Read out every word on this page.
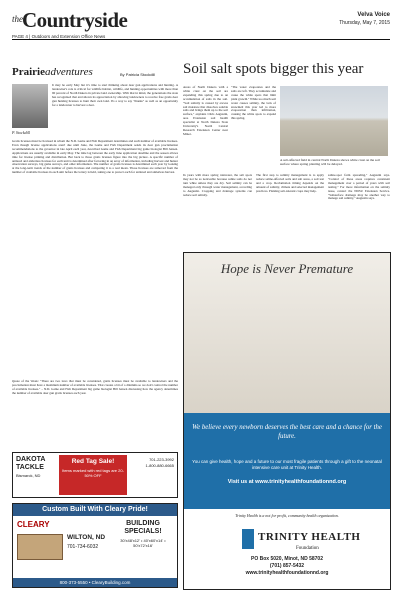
the Countryside	Velva Voice
Thursday, May 7, 2015
PAGE 4 | Outdoors and Extension Office News
Prairieadventures	By Patricia Stockdill
P. Stockdill
It may be early May but it's time to start thinking about deer gun applications and hunting. A landowner's role is critical for wildlife habitat, wildlife, and hunting opportunities with more than 90 percent of North Dakota in private land ownership. With that in mind, the generations the state has recognized that and shown its appreciation by allowing landowners to receive free gratis deer gun hunting licenses to hunt their own land. It's a way to say "thanks" as well as an opportunity for a landowner to harvest a deer.
Gratis licenses must be licensed in whom the N.D. Game and Fish Department determines and such number of available licenses. Even though license applications aren't due until June, the Game and Fish Department sends its deer gun proclamation recommendations to the governor in late April each year, described Game and Fish Department big game biologist Bill Jensen. Applications are usually available in early May. The time lag between the early June application deadline and the season allows time for license printing and distribution. But back to those gratis licenses figure into the big picture. A specific number of antlered and antlerless licenses for each unit is determined after factoring in an array of information, including harvest and hunter observation surveys, big game surveys, and other information. The number of gratis licenses is determined each year by looking at the long-term trends of the number of gratis licenses and comparing it to a real mean. Those licenses are removed from the number of available licenses in each unit before the lottery is held, taking one to protect each for antlered and antlerless harvest.
Quote of the Week: "There are two laws that must be considered, gratis licenses must be available to landowners and the proclamation must have a maximum number of available licenses. That creates a bit of a dilemma so we don't control the number of available licenses." – N.D. Game and Fish Department big game biologist Bill Jensen discussing how the agency determines the number of available deer gun gratis licenses each year.
DAKOTA TACKLE
Bismarck, ND
Red Tag Sale!
Items marked with red tags are 20-50% OFF
701-223-3992
1-800-880-6665
Custom Built With Cleary Pride!
CLEARY
WILTON, ND
701-734-6032
BUILDING SPECIALS!
30'x48'x12' • 40'x60'x14' • 50'x72'x16'
800-373-5550 • ClearyBuilding.com
Soil salt spots bigger this year
A salt-affected field in central North Dakota shows white crust on the soil surface where spring planting will be delayed.
Areas of North Dakota with a white crust on the soil are expanding this spring due to an accumulation of salts in the soil. "Soil salinity is caused by excess salt moisture that dissolves soluble salts and brings them up to the soil surface," explains Chris Augustin, area Extension soil health specialist at North Dakota State University's North Central Research Extension Center near Minot.
"The water evaporates and the salts are left. They accumulate and cause the white spots that limit plant growth." While too much soil water causes salinity, the lack of snowmelt this year led to more evaporation than infiltration, causing the white spots to expand this spring.
In years with more spring rainwater, the salt spots may not be as noticeable because saline soils do not turn white unless they are dry. Soil salinity can be managed only through water management, according to Augustin. Cropping and drainage systems can reduce soil salinity.
The first step to salinity management is to apply reduce saline-affected soils and salt areas, a soil test and a crop. Reclamation timing depends on the amount of salinity, climate and selected management practices. Planting salt-tolerant crops may help.
saline-spot farm spreading," Augustin says. "Control of these areas requires consistent management over a period of years with soil testing." For more information on the salinity issue, contact the NDSU Extension Service. "Subsurface drainage may be another way to manage soil salinity," Augustin says.
Hope is Never Premature
We believe every newborn deserves the best care and a chance for the future.
You can give health, hope and a future to our most fragile patients through a gift to the neonatal intensive care unit at Trinity Health.
Visit us at www.trinityhealthfoundationnd.org
Trinity Health is a not for profit, community health organization.
TRINITY HEALTH
Foundation
PO Box 5020, Minot, ND 58702
(701) 857-5432
www.trinityhealthfoundationnd.org
